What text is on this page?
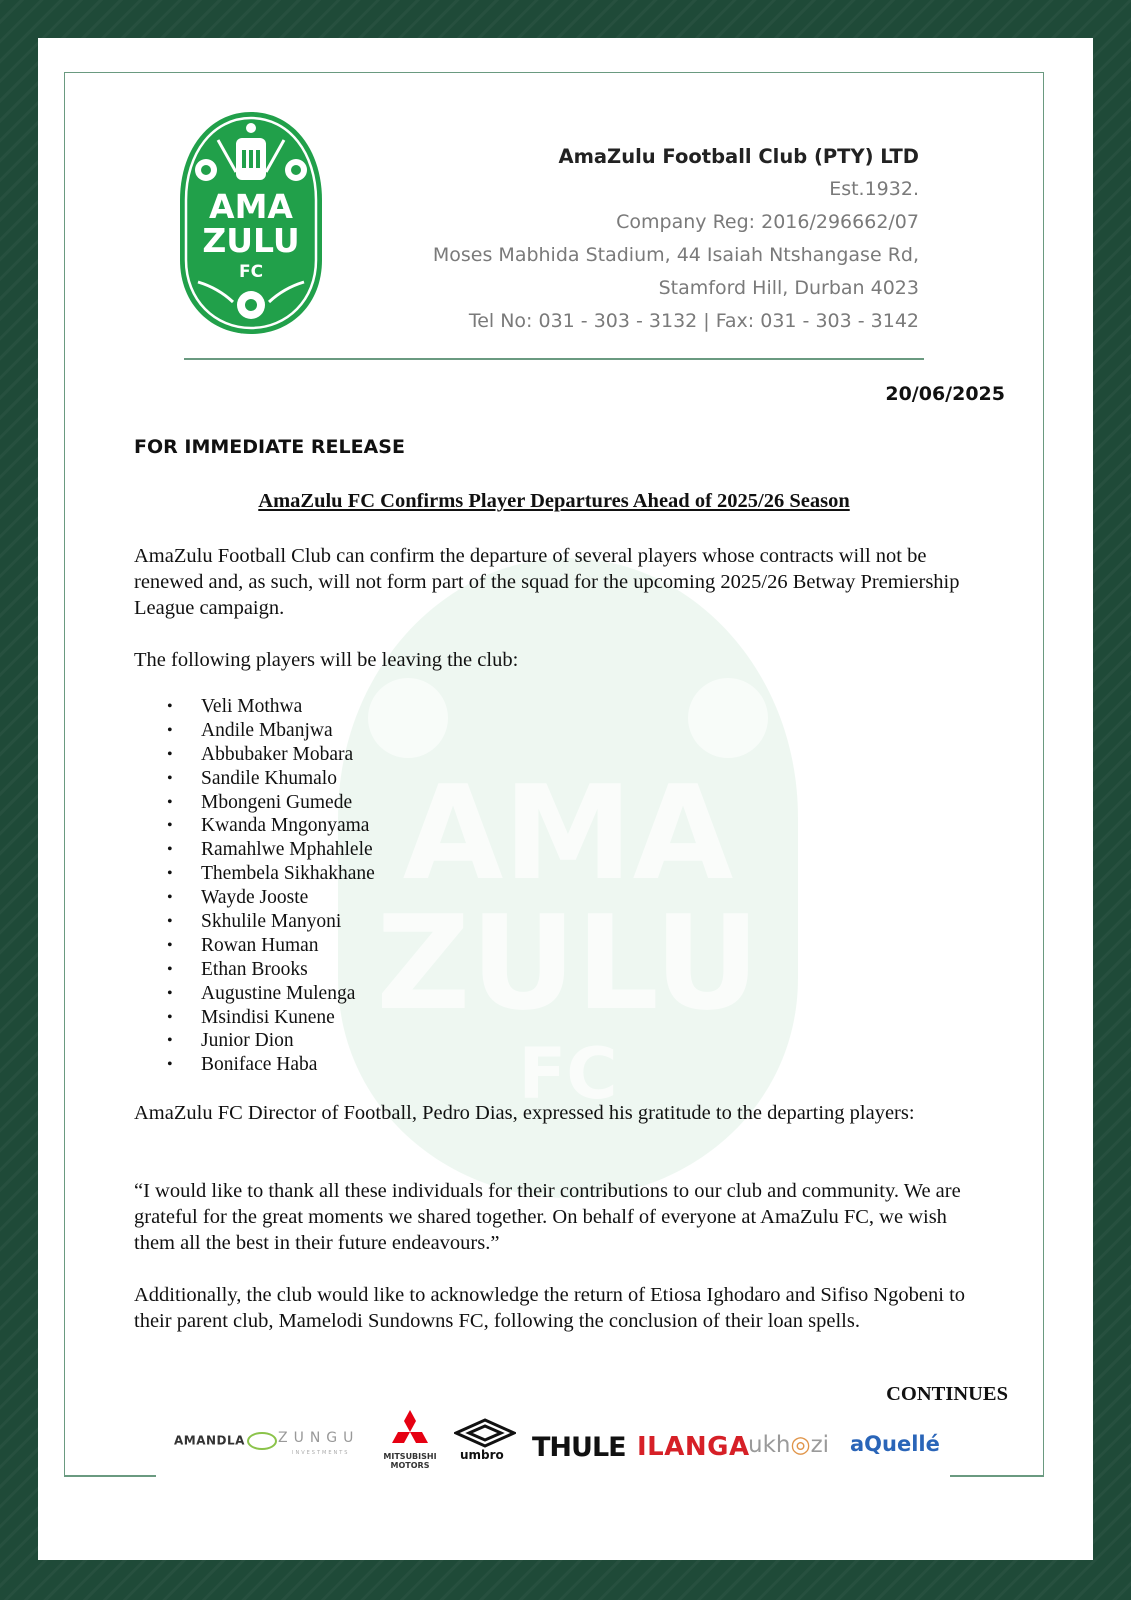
AMA
ZULU
FC
AmaZulu Football Club (PTY) LTD
Est.1932.
Company Reg: 2016/296662/07
Moses Mabhida Stadium, 44 Isaiah Ntshangase Rd,
Stamford Hill, Durban 4023
Tel No: 031 - 303 - 3132 | Fax: 031 - 303 - 3142
20/06/2025
FOR IMMEDIATE RELEASE
AmaZulu FC Confirms Player Departures Ahead of 2025/26 Season

AmaZulu Football Club can confirm the departure of several players whose contracts will not be renewed and, as such, will not form part of the squad for the upcoming 2025/26 Betway Premiership League campaign.

The following players will be leaving the club:

• Veli Mothwa
• Andile Mbanjwa
• Abbubaker Mobara
• Sandile Khumalo
• Mbongeni Gumede
• Kwanda Mngonyama
• Ramahlwe Mphahlele
• Thembela Sikhakhane
• Wayde Jooste
• Skhulile Manyoni
• Rowan Human
• Ethan Brooks
• Augustine Mulenga
• Msindisi Kunene
• Junior Dion
• Boniface Haba

AmaZulu FC Director of Football, Pedro Dias, expressed his gratitude to the departing players:

“I would like to thank all these individuals for their contributions to our club and community. We are grateful for the great moments we shared together. On behalf of everyone at AmaZulu FC, we wish them all the best in their future endeavours.”

Additionally, the club would like to acknowledge the return of Etiosa Ighodaro and Sifiso Ngobeni to their parent club, Mamelodi Sundowns FC, following the conclusion of their loan spells.

CONTINUES
AMANDLA	ZUNGU
INVESTMENTS	MITSUBISHI
MOTORS
umbro THULE ILANGA
ukh◎zi aQuellé
